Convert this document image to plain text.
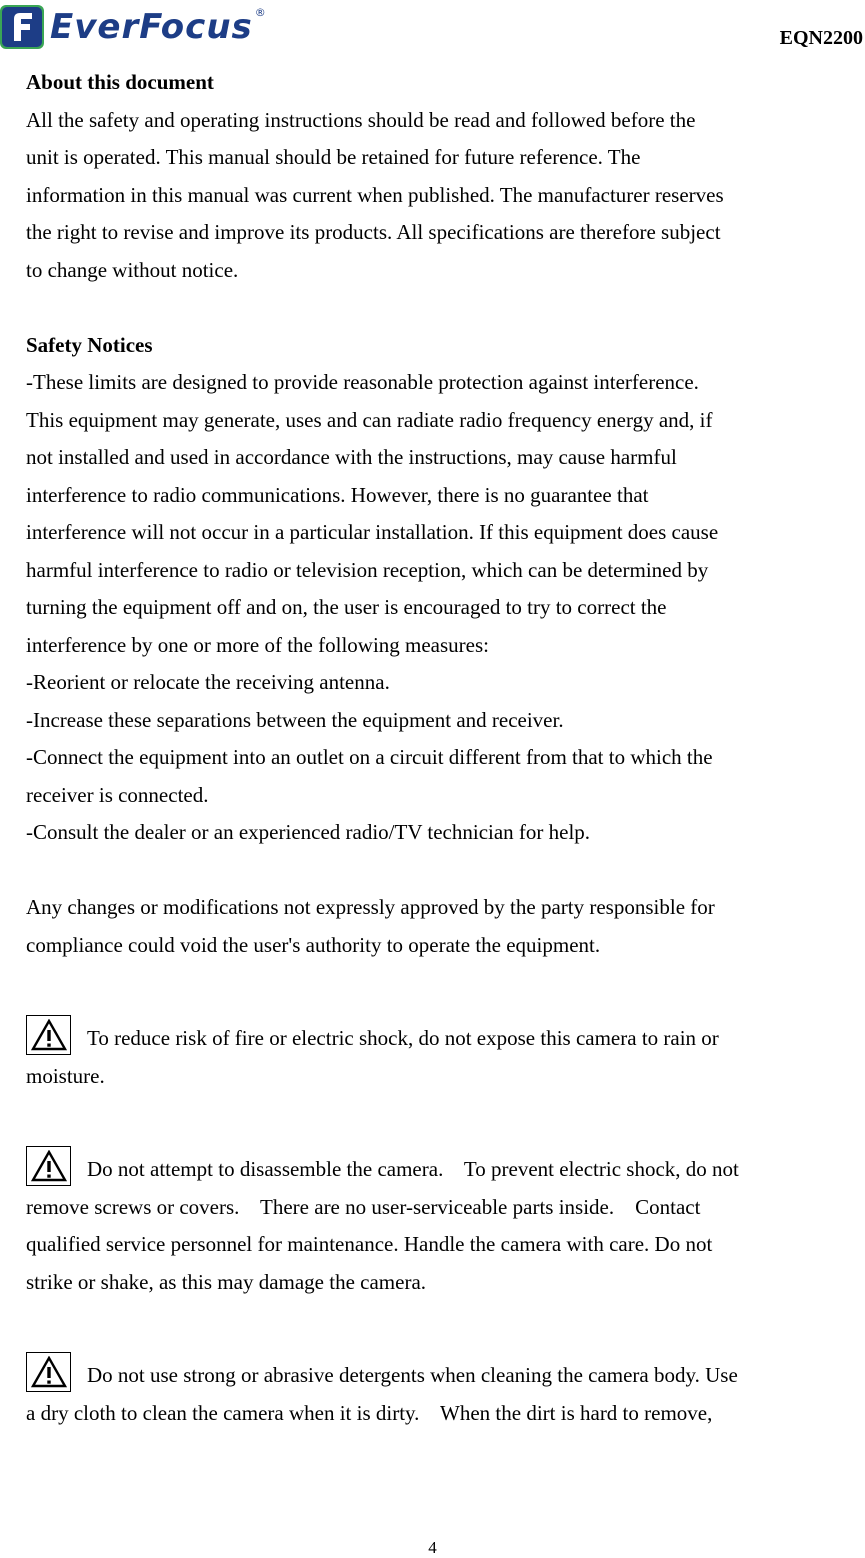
EverFocus ®
EQN2200

About this document

All the safety and operating instructions should be read and followed before the

unit is operated. This manual should be retained for future reference. The

information in this manual was current when published. The manufacturer reserves

the right to revise and improve its products. All specifications are therefore subject

to change without notice.

Safety Notices

-These limits are designed to provide reasonable protection against interference.

This equipment may generate, uses and can radiate radio frequency energy and, if

not installed and used in accordance with the instructions, may cause harmful

interference to radio communications. However, there is no guarantee that

interference will not occur in a particular installation. If this equipment does cause

harmful interference to radio or television reception, which can be determined by

turning the equipment off and on, the user is encouraged to try to correct the

interference by one or more of the following measures:

-Reorient or relocate the receiving antenna.

-Increase these separations between the equipment and receiver.

-Connect the equipment into an outlet on a circuit different from that to which the

receiver is connected.

-Consult the dealer or an experienced radio/TV technician for help.

Any changes or modifications not expressly approved by the party responsible for

compliance could void the user's authority to operate the equipment.

To reduce risk of fire or electric shock, do not expose this camera to rain or

moisture.

Do not attempt to disassemble the camera.    To prevent electric shock, do not

remove screws or covers.    There are no user-serviceable parts inside.    Contact

qualified service personnel for maintenance. Handle the camera with care. Do not

strike or shake, as this may damage the camera.

Do not use strong or abrasive detergents when cleaning the camera body. Use

a dry cloth to clean the camera when it is dirty.    When the dirt is hard to remove,

4
